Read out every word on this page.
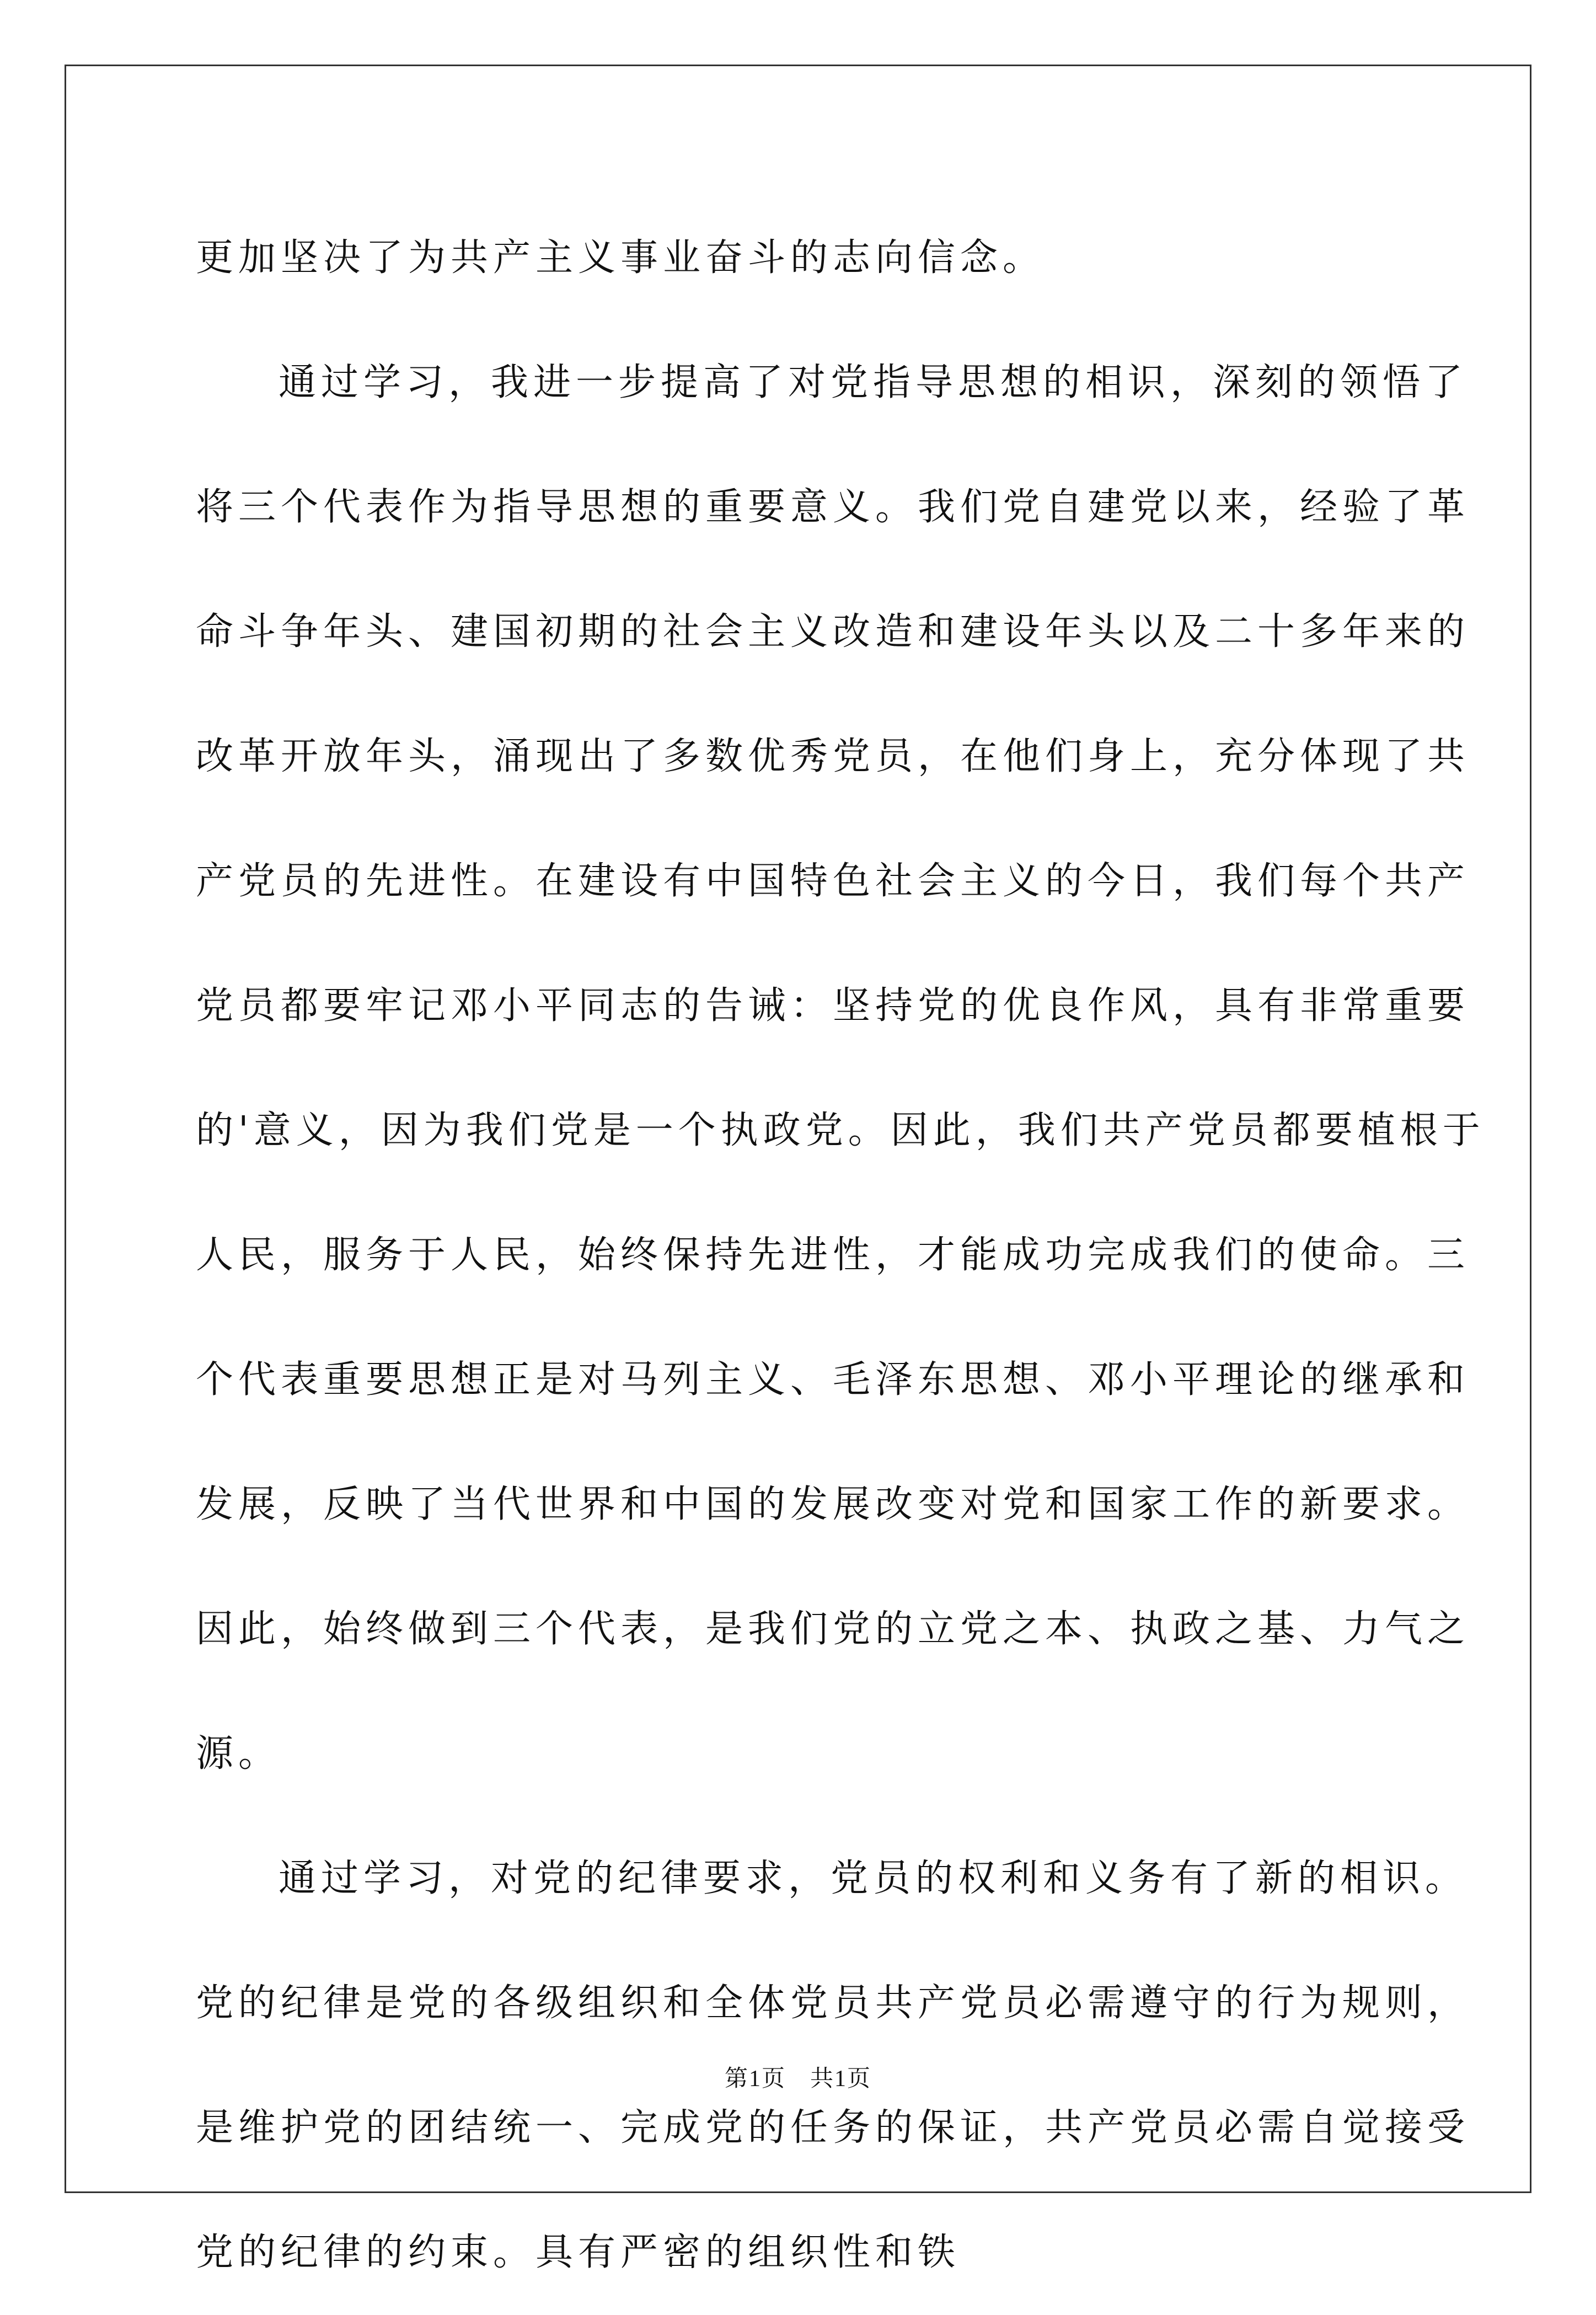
更加坚决了为共产主义事业奋斗的志向信念。
通过学习，我进一步提高了对党指导思想的相识，深刻的领悟了
将三个代表作为指导思想的重要意义。我们党自建党以来，经验了革
命斗争年头、建国初期的社会主义改造和建设年头以及二十多年来的
改革开放年头，涌现出了多数优秀党员，在他们身上，充分体现了共
产党员的先进性。在建设有中国特色社会主义的今日，我们每个共产
党员都要牢记邓小平同志的告诫：坚持党的优良作风，具有非常重要
的'意义，因为我们党是一个执政党。因此，我们共产党员都要植根于
人民，服务于人民，始终保持先进性，才能成功完成我们的使命。三
个代表重要思想正是对马列主义、毛泽东思想、邓小平理论的继承和
发展，反映了当代世界和中国的发展改变对党和国家工作的新要求。
因此，始终做到三个代表，是我们党的立党之本、执政之基、力气之
源。
通过学习，对党的纪律要求，党员的权利和义务有了新的相识。
党的纪律是党的各级组织和全体党员共产党员必需遵守的行为规则，
是维护党的团结统一、完成党的任务的保证，共产党员必需自觉接受
党的纪律的约束。具有严密的组织性和铁
第1页　共1页
